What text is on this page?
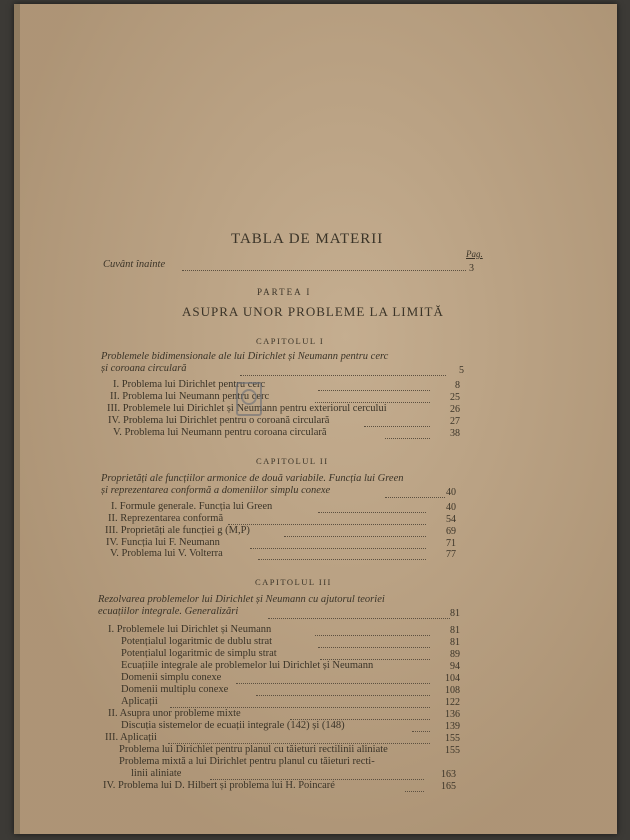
TABLA DE MATERII
Pag.
Cuvânt înainte	3
PARTEA I
ASUPRA UNOR PROBLEME LA LIMITĂ
CAPITOLUL I
Problemele bidimensionale ale lui Dirichlet și Neumann pentru cerc
și coroana circulară	5
I. Problema lui Dirichlet pentru cerc	8
II. Problema lui Neumann pentru cerc	25
III. Problemele lui Dirichlet și Neumann pentru exteriorul cercului	26
IV. Problema lui Dirichlet pentru o coroană circulară	27
V. Problema lui Neumann pentru coroana circulară	38
CAPITOLUL II
Proprietăți ale funcțiilor armonice de două variabile. Funcția lui Green
și reprezentarea conformă a domeniilor simplu conexe	40
I. Formule generale. Funcția lui Green	40
II. Reprezentarea conformă	54
III. Proprietăți ale funcției g (M,P)	69
IV. Funcția lui F. Neumann	71
V. Problema lui V. Volterra	77
CAPITOLUL III
Rezolvarea problemelor lui Dirichlet și Neumann cu ajutorul teoriei
ecuațiilor integrale. Generalizări	81
I. Problemele lui Dirichlet și Neumann	81
Potențialul logaritmic de dublu strat	81
Potențialul logaritmic de simplu strat	89
Ecuațiile integrale ale problemelor lui Dirichlet și Neumann	94
Domenii simplu conexe	104
Domenii multiplu conexe	108
Aplicații	122
II. Asupra unor probleme mixte	136
Discuția sistemelor de ecuații integrale (142) și (148)	139
III. Aplicații	155
Problema lui Dirichlet pentru planul cu tăieturi rectilinii aliniate	155
Problema mixtă a lui Dirichlet pentru planul cu tăieturi recti-
linii aliniate	163
IV. Problema lui D. Hilbert și problema lui H. Poincaré	165
